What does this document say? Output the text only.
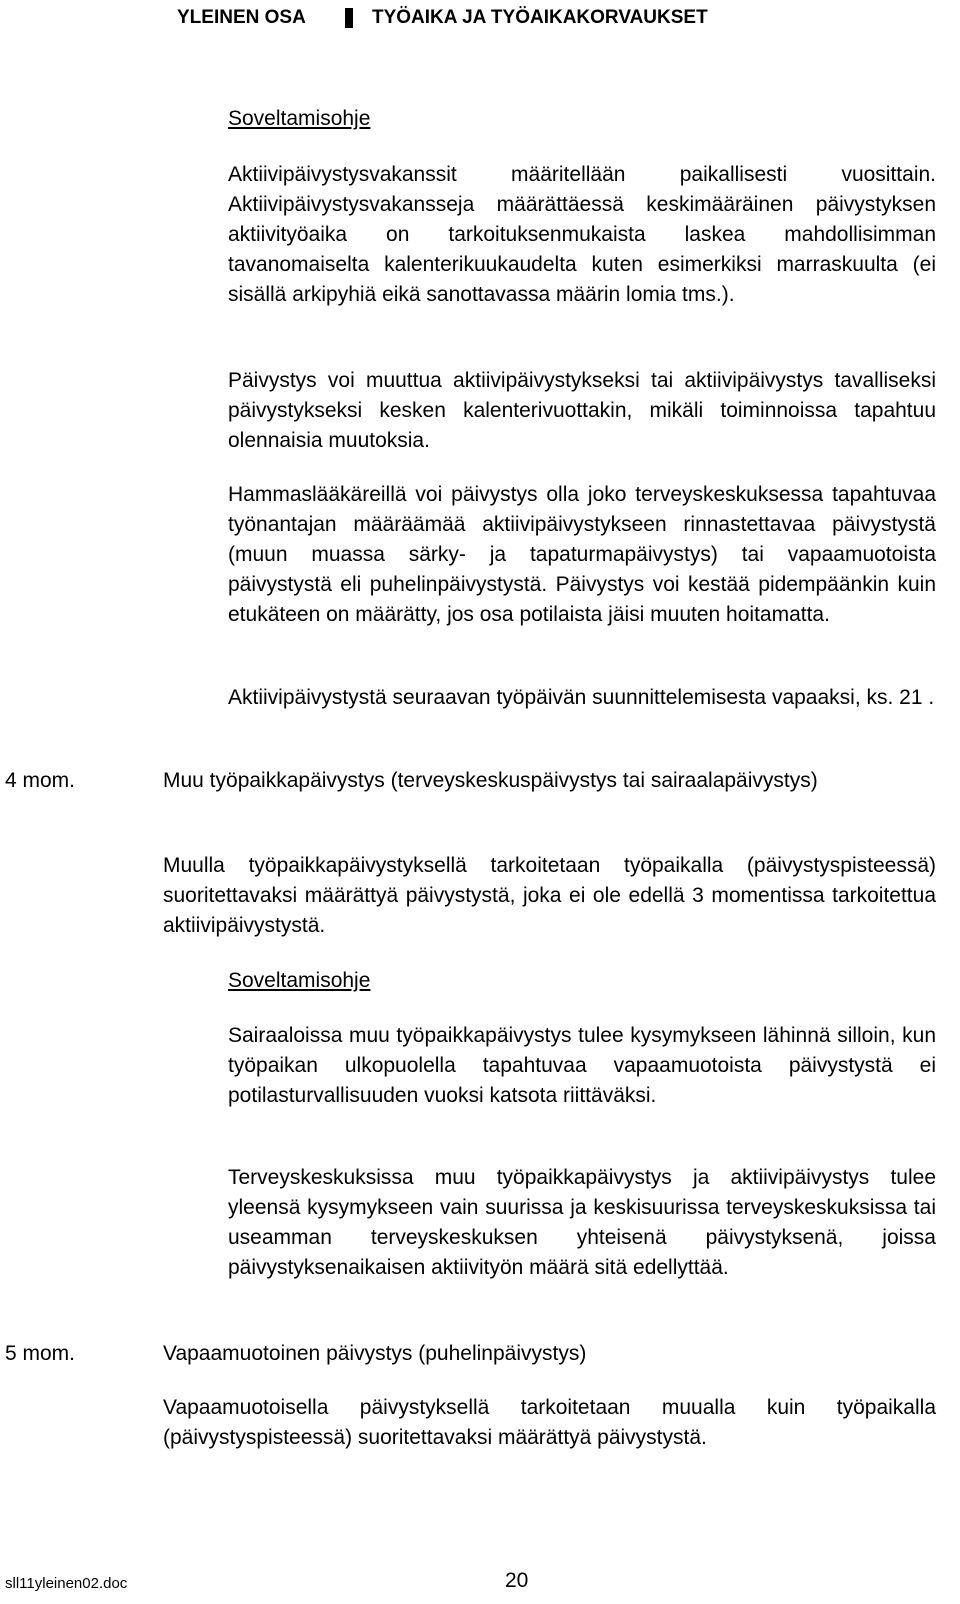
YLEINEN OSA	TYÖAIKA JA TYÖAIKAKORVAUKSET
Soveltamisohje

Aktiivipäivystysvakanssit määritellään paikallisesti vuosittain. Aktiivipäivystysvakansseja määrättäessä keskimääräinen päivystyksen aktiivityöaika on tarkoituksenmukaista laskea mahdollisimman tavanomaiselta kalenterikuukaudelta kuten esimerkiksi marraskuulta (ei sisällä arkipyhiä eikä sanottavassa määrin lomia tms.).

Päivystys voi muuttua aktiivipäivystykseksi tai aktiivipäivystys tavalliseksi päivystykseksi kesken kalenterivuottakin, mikäli toiminnoissa tapahtuu olennaisia muutoksia.

Hammaslääkäreillä voi päivystys olla joko terveyskeskuksessa tapahtuvaa työnantajan määräämää aktiivipäivystykseen rinnastettavaa päivystystä (muun muassa särky- ja tapaturmapäivystys) tai vapaamuotoista päivystystä eli puhelinpäivystystä. Päivystys voi kestää pidempäänkin kuin etukäteen on määrätty, jos osa potilaista jäisi muuten hoitamatta.

Aktiivipäivystystä seuraavan työpäivän suunnittelemisesta vapaaksi, ks. 21 .

4 mom.	Muu työpaikkapäivystys (terveyskeskuspäivystys tai sairaalapäivystys)

Muulla työpaikkapäivystyksellä tarkoitetaan työpaikalla (päivystyspisteessä) suoritettavaksi määrättyä päivystystä, joka ei ole edellä 3 momentissa tarkoitettua aktiivipäivystystä.

Soveltamisohje

Sairaaloissa muu työpaikkapäivystys tulee kysymykseen lähinnä silloin, kun työpaikan ulkopuolella tapahtuvaa vapaamuotoista päivystystä ei potilasturvallisuuden vuoksi katsota riittäväksi.

Terveyskeskuksissa muu työpaikkapäivystys ja aktiivipäivystys tulee yleensä kysymykseen vain suurissa ja keskisuurissa terveyskeskuksissa tai useamman terveyskeskuksen yhteisenä päivystyksenä, joissa päivystyksenaikaisen aktiivityön määrä sitä edellyttää.

5 mom.	Vapaamuotoinen päivystys (puhelinpäivystys)

Vapaamuotoisella päivystyksellä tarkoitetaan muualla kuin työpaikalla (päivystyspisteessä) suoritettavaksi määrättyä päivystystä.

sll11yleinen02.doc	20
